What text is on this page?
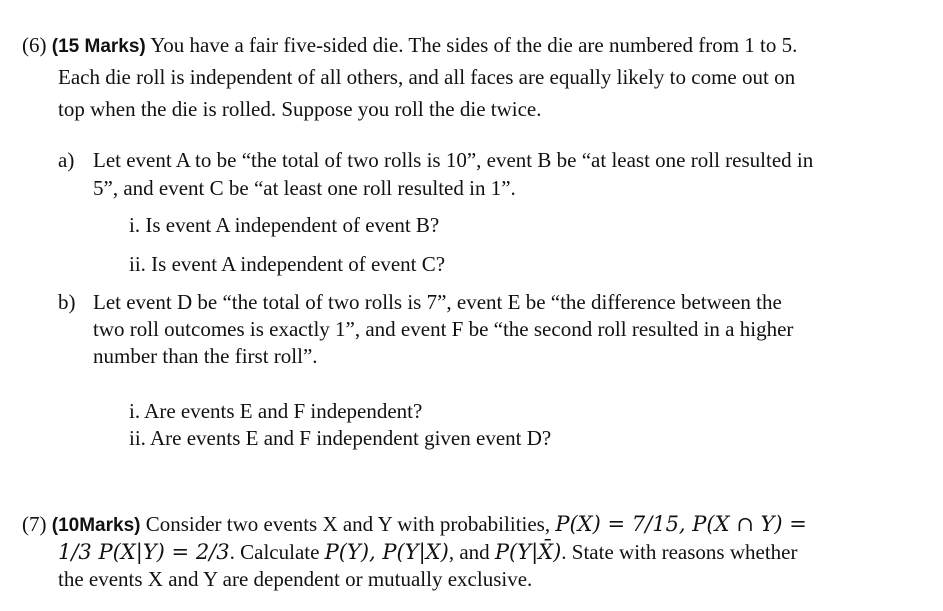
(6) (15 Marks) You have a fair five-sided die. The sides of the die are numbered from 1 to 5.
Each die roll is independent of all others, and all faces are equally likely to come out on
top when the die is rolled. Suppose you roll the die twice.
a) Let event A to be “the total of two rolls is 10”, event B be “at least one roll resulted in
5”, and event C be “at least one roll resulted in 1”.
i. Is event A independent of event B?
ii. Is event A independent of event C?
b) Let event D be “the total of two rolls is 7”, event E be “the difference between the
two roll outcomes is exactly 1”, and event F be “the second roll resulted in a higher
number than the first roll”.
i. Are events E and F independent?
ii. Are events E and F independent given event D?
(7) (10Marks) Consider two events X and Y with probabilities, P(X) = 7/15, P(X ∩ Y) =
1/3 P(X|Y) = 2/3. Calculate P(Y), P(Y|X), and P(Y|X̄). State with reasons whether
the events X and Y are dependent or mutually exclusive.
